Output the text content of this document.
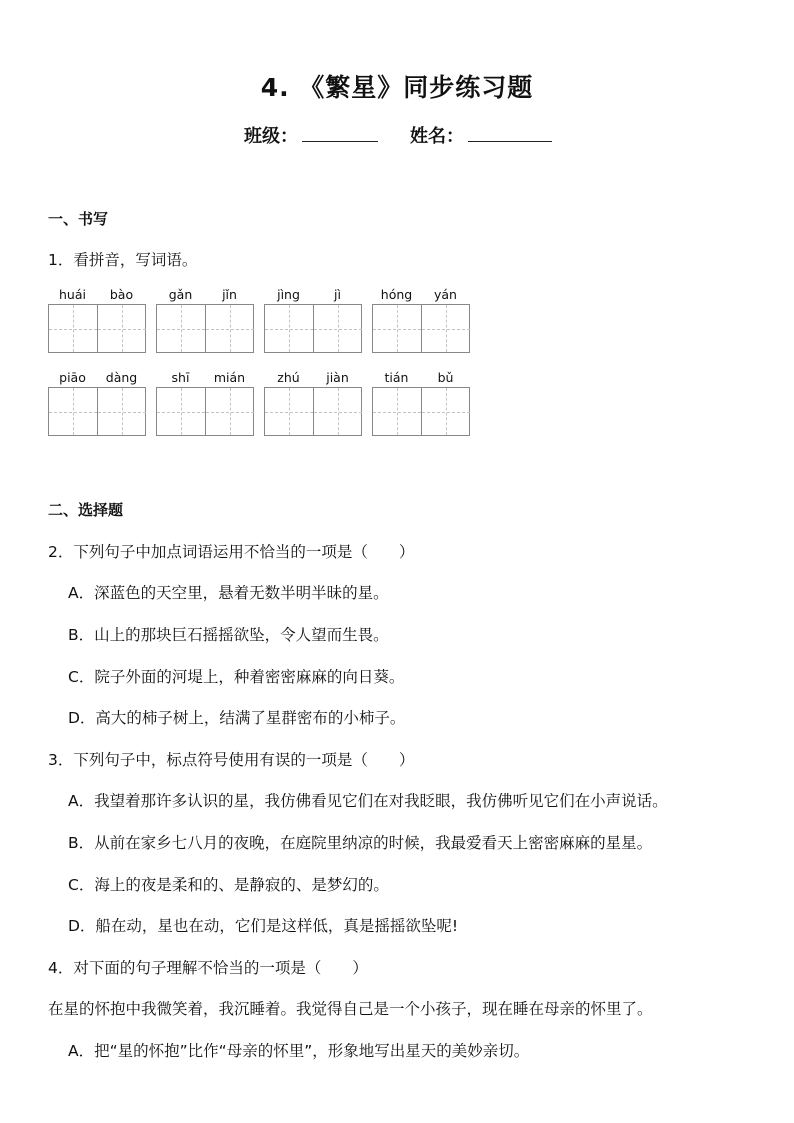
4. 《繁星》同步练习题
班级：	姓名：
一、书写
1．看拼音，写词语。
huái	bào	gǎn	jǐn	jìng	jì	hóng	yán
piāo	dàng	shī	mián	zhú	jiàn	tián	bǔ
二、选择题
2．下列句子中加点词语运用不恰当的一项是（　　）
A．深蓝色的天空里，悬着无数半明半昧的星。
B．山上的那块巨石摇摇欲坠，令人望而生畏。
C．院子外面的河堤上，种着密密麻麻的向日葵。
D．高大的柿子树上，结满了星群密布的小柿子。
3．下列句子中，标点符号使用有误的一项是（　　）
A．我望着那许多认识的星，我仿佛看见它们在对我眨眼，我仿佛听见它们在小声说话。
B．从前在家乡七八月的夜晚，在庭院里纳凉的时候，我最爱看天上密密麻麻的星星。
C．海上的夜是柔和的、是静寂的、是梦幻的。
D．船在动，星也在动，它们是这样低，真是摇摇欲坠呢!
4．对下面的句子理解不恰当的一项是（　　）
在星的怀抱中我微笑着，我沉睡着。我觉得自己是一个小孩子，现在睡在母亲的怀里了。
A．把“星的怀抱”比作“母亲的怀里”，形象地写出星天的美妙亲切。
